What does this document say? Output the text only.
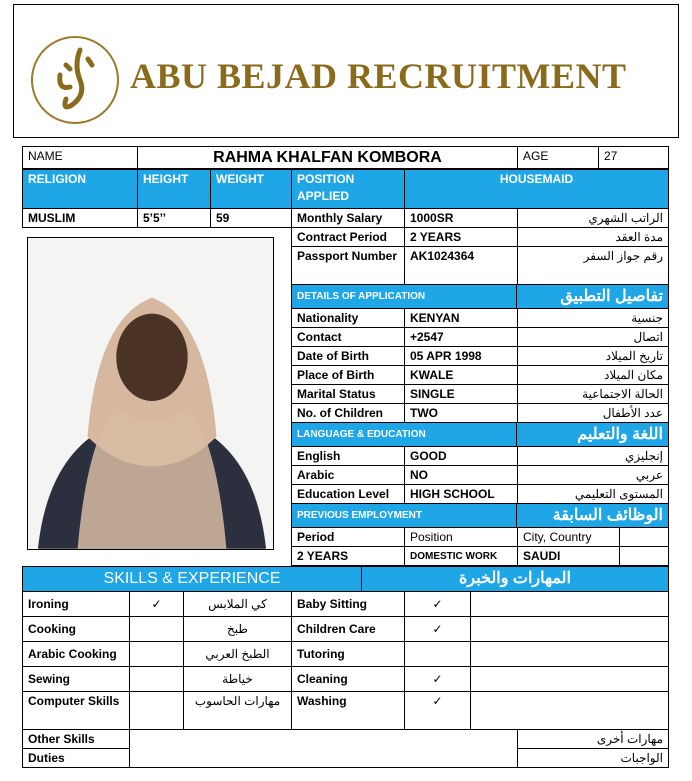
ABU BEJAD RECRUITMENT
NAME	RAHMA KHALFAN KOMBORA	AGE	27
RELIGION	HEIGHT	WEIGHT	POSITION APPLIED
HOUSEMAID
MUSLIM	5’5’’	59	Monthly Salary	1000SR	الراتب الشهري
Contract Period	2 YEARS	مدة العقد
Passport Number	AK1024364	رقم جواز السفر
DETAILS OF APPLICATION	تفاصيل التطبيق
Nationality	KENYAN	جنسية
Contact	+2547	اتصال
Date of Birth	05 APR 1998	تاريخ الميلاد
Place of Birth	KWALE	مكان الميلاد
Marital Status	SINGLE	الحالة الاجتماعية
No. of Children	TWO	عدد الأطفال
LANGUAGE & EDUCATION	اللغة والتعليم
English	GOOD	إنجليزي
Arabic	NO	عربي
Education Level	HIGH SCHOOL	المستوى التعليمي
PREVIOUS EMPLOYMENT	الوظائف السابقة
Period	Position	City, Country
2 YEARS	DOMESTIC WORK	SAUDI
SKILLS & EXPERIENCE	المهارات والخبرة
Ironing	✓	كي الملابس	Baby Sitting	✓
Cooking	طبخ	Children Care	✓
Arabic Cooking	الطبخ العربي	Tutoring
Sewing	خياطة	Cleaning	✓
Computer Skills	مهارات الحاسوب	Washing	✓
Other Skills	مهارات أخرى
Duties	الواجبات
